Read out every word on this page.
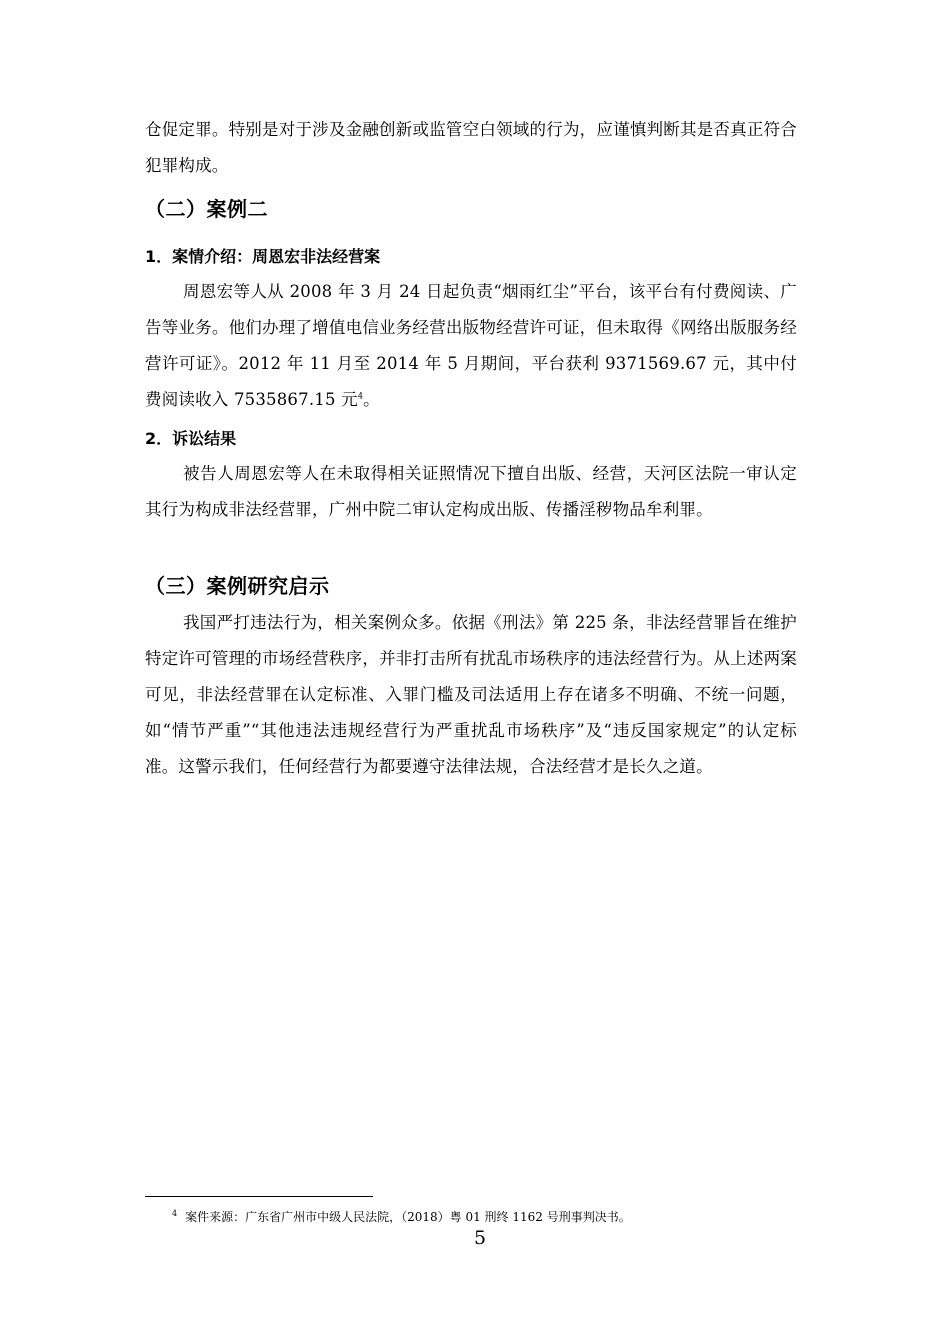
仓促定罪。特别是对于涉及金融创新或监管空白领域的行为，应谨慎判断其是否真正符合犯罪构成。

（二）案例二
1．案情介绍：周恩宏非法经营案

周恩宏等人从 2008 年 3 月 24 日起负责“烟雨红尘”平台，该平台有付费阅读、广告等业务。他们办理了增值电信业务经营出版物经营许可证，但未取得《网络出版服务经营许可证》。2012 年 11 月至 2014 年 5 月期间，平台获利 9371569.67 元，其中付费阅读收入 7535867.15 元$^4$。

2．诉讼结果

被告人周恩宏等人在未取得相关证照情况下擅自出版、经营，天河区法院一审认定其行为构成非法经营罪，广州中院二审认定构成出版、传播淫秽物品牟利罪。

（三）案例研究启示

我国严打违法行为，相关案例众多。依据《刑法》第 225 条，非法经营罪旨在维护特定许可管理的市场经营秩序，并非打击所有扰乱市场秩序的违法经营行为。从上述两案可见，非法经营罪在认定标准、入罪门槛及司法适用上存在诸多不明确、不统一问题，如“情节严重”“其他违法违规经营行为严重扰乱市场秩序”及“违反国家规定”的认定标准。这警示我们，任何经营行为都要遵守法律法规，合法经营才是长久之道。

$^4$ 案件来源：广东省广州市中级人民法院，（2018）粤 01 刑终 1162 号刑事判决书。

5
